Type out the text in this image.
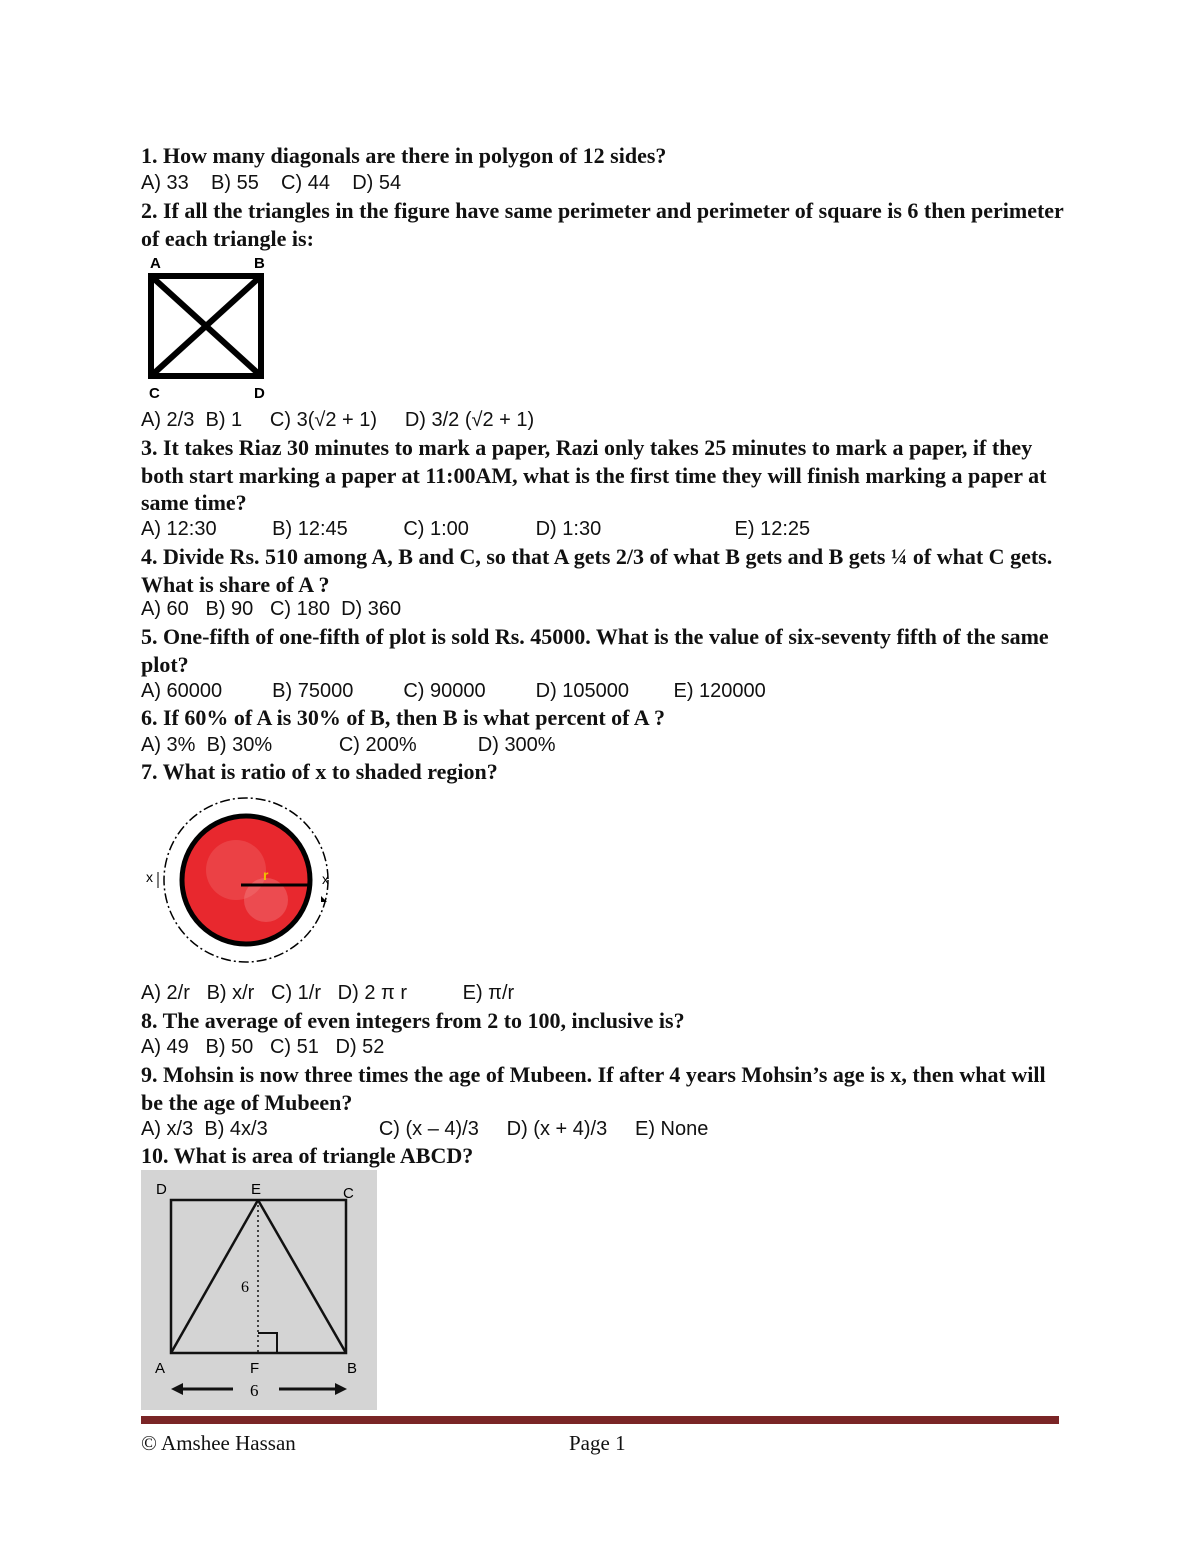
1. How many diagonals are there in polygon of 12 sides?

A) 33    B) 55    C) 44    D) 54

2. If all the triangles in the figure have same perimeter and perimeter of square is 6 then perimeter of each triangle is:

A	B
C	D

A) 2/3  B) 1     C) 3(√2 + 1)     D) 3/2 (√2 + 1)

3. It takes Riaz 30 minutes to mark a paper, Razi only takes 25 minutes to mark a paper, if they both start marking a paper at 11:00AM, what is the first time they will finish marking a paper at same time?

A) 12:30          B) 12:45          C) 1:00            D) 1:30                        E) 12:25

4. Divide Rs. 510 among A, B and C, so that A gets 2/3 of what B gets and B gets ¼ of what C gets. What is share of A ?

A) 60   B) 90   C) 180  D) 360

5. One-fifth of one-fifth of plot is sold Rs. 45000. What is the value of six-seventy fifth of the same plot?

A) 60000         B) 75000         C) 90000         D) 105000        E) 120000

6. If 60% of A is 30% of B, then B is what percent of A ?

A) 3%  B) 30%            C) 200%           D) 300%

7. What is ratio of x to shaded region?

r
x	x

A) 2/r   B) x/r   C) 1/r   D) 2 π r          E) π/r

8. The average of even integers from 2 to 100, inclusive is?

A) 49   B) 50   C) 51   D) 52

9. Mohsin is now three times the age of Mubeen. If after 4 years Mohsin’s age is x, then what will be the age of Mubeen?

A) x/3  B) 4x/3                    C) (x – 4)/3     D) (x + 4)/3     E) None

10. What is area of triangle ABCD?

D	E	C
A	F	B
6
6
© Amshee Hassan	Page 1
